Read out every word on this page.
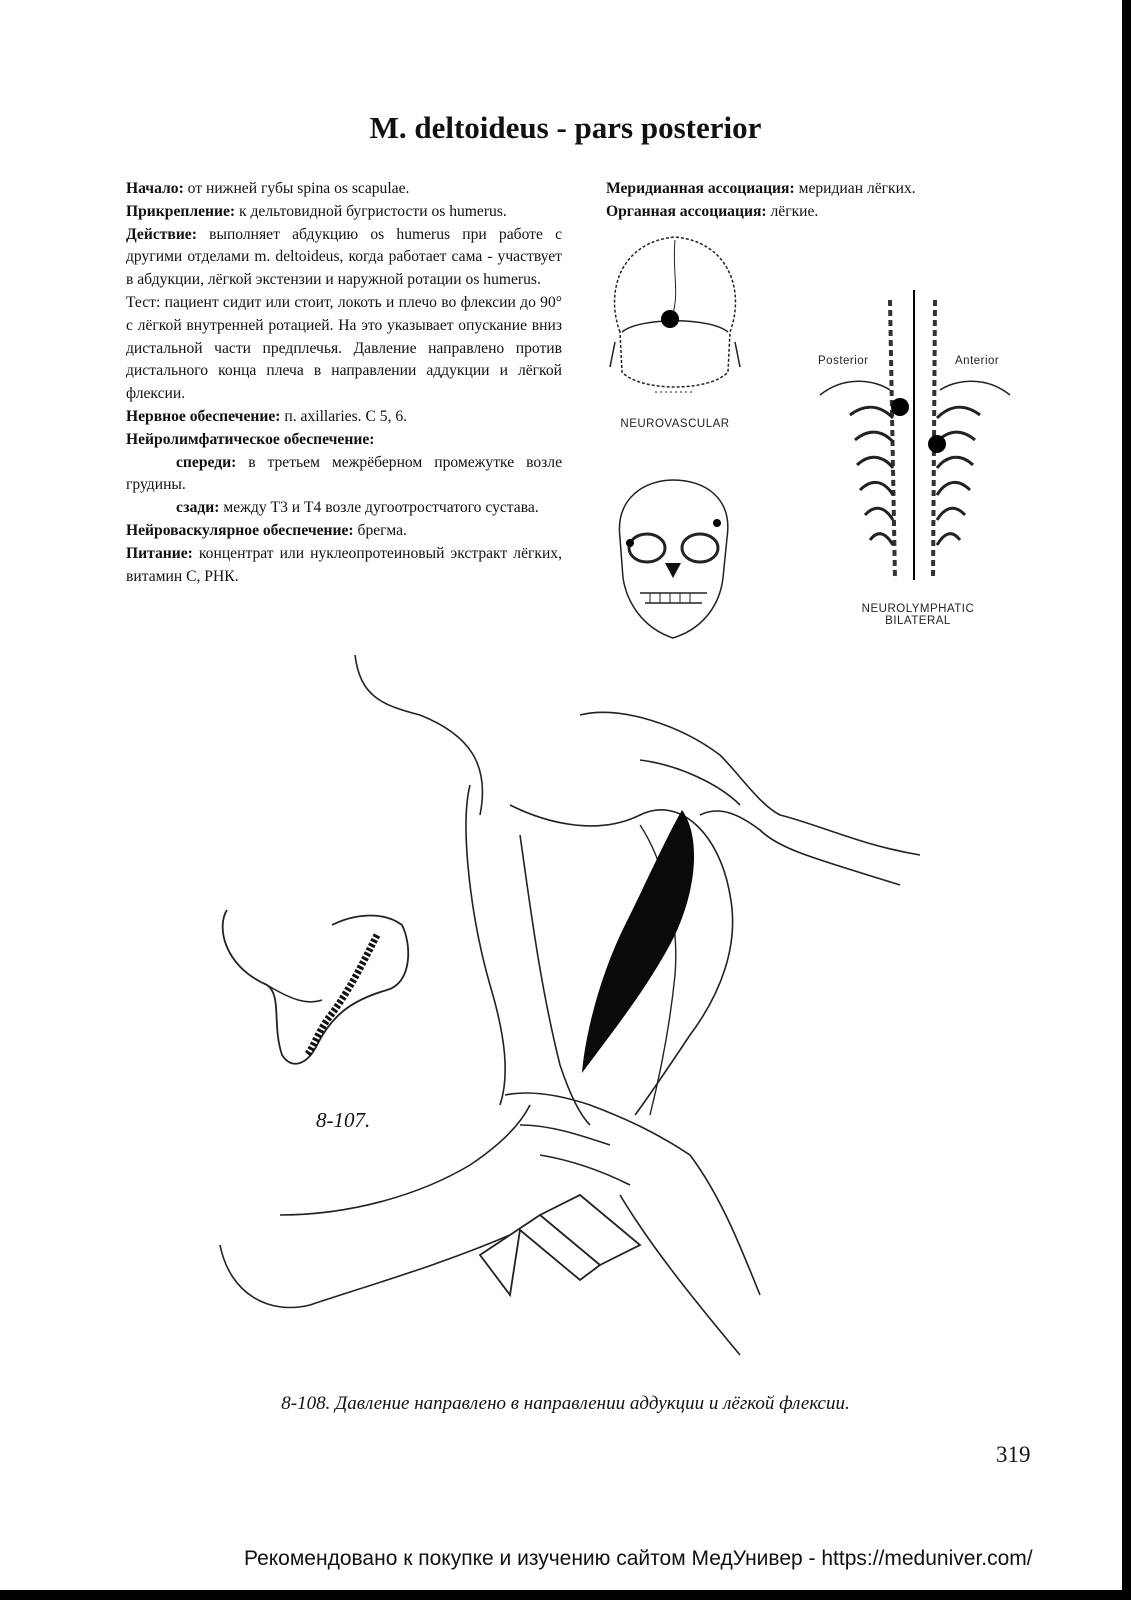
M. deltoideus - pars posterior

Начало: от нижней губы spina os scapulae.

Прикрепление: к дельтовидной бугристости os humerus.

Действие: выполняет абдукцию os humerus при работе с другими отделами m. deltoideus, когда работает сама - участвует в абдукции, лёгкой экстензии и наружной ротации os humerus.

Тест: пациент сидит или стоит, локоть и плечо во флексии до 90° с лёгкой внутренней ротацией. На это указывает опускание вниз дистальной части предплечья. Давление направлено против дистального конца плеча в направлении аддукции и лёгкой флексии.

Нервное обеспечение: п. axillaries. С 5, 6.

Нейролимфатическое обеспечение:

спереди: в третьем межрёберном промежутке возле грудины.

сзади: между Т3 и Т4 возле дугоотростчатого сустава.

Нейроваскулярное обеспечение: брегма.

Питание: концентрат или нуклеопротеиновый экстракт лёгких, витамин С, РНК.

Меридианная ассоциация: меридиан лёгких.

Органная ассоциация: лёгкие.

NEUROVASCULAR
Posterior	Anterior
NEUROLYMPHATIC
BILATERAL
8-107.
8-108. Давление направлено в направлении аддукции и лёгкой флексии.
319
Рекомендовано к покупке и изучению сайтом МедУнивер - https://meduniver.com/
